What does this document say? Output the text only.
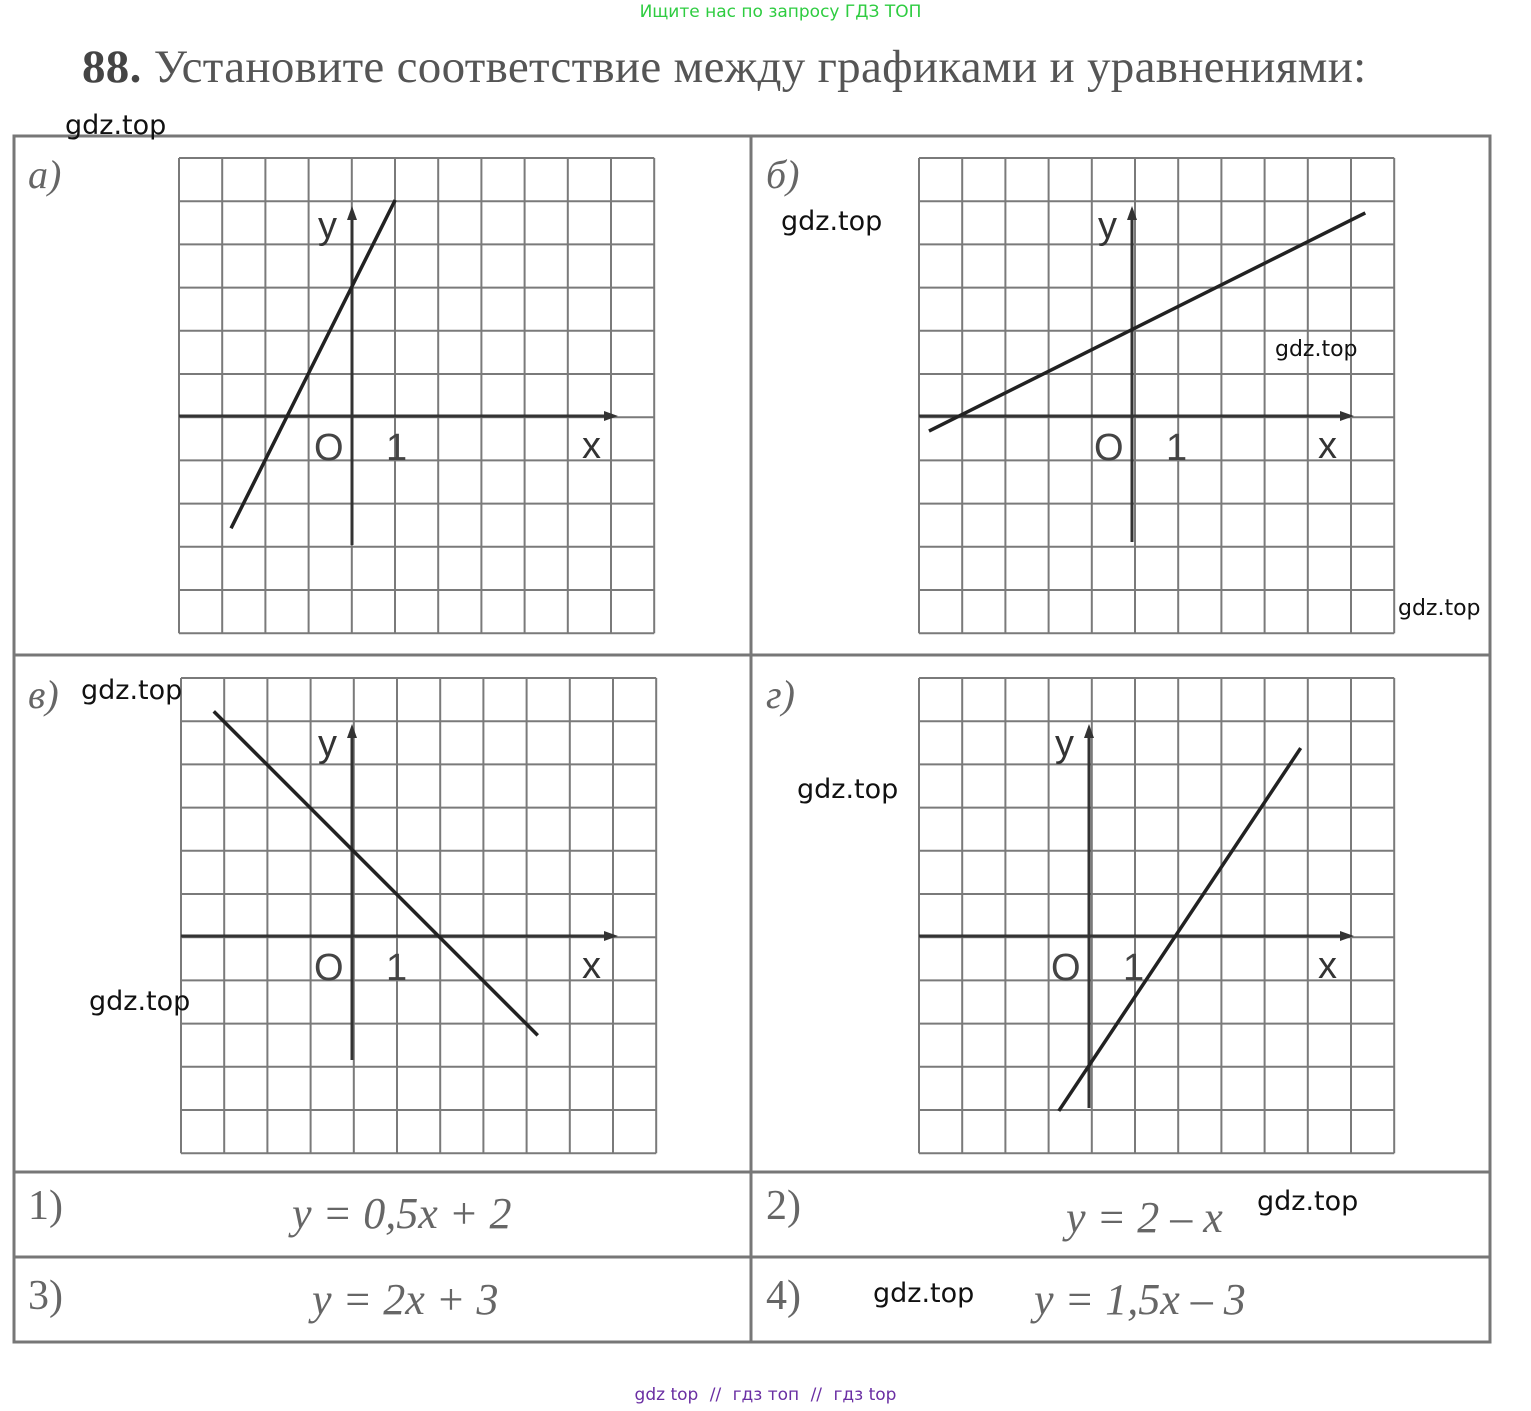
Ищите нас по запросу ГДЗ ТОП
88. Установите соответствие между графиками и уравнениями:
а)
y
x
O 1
б)
y
x
O 1
в)
y
x
O 1
г)
y
x
O 1
1)	y = 0,5x + 2	2)	y = 2 – x
3)	y = 2x + 3	4)	y = 1,5x – 3
gdz.top
gdz.top
gdz.top
gdz.top
gdz.top
gdz.top
gdz.top
gdz.top
gdz.top
gdz top // гдз топ // гдз top
